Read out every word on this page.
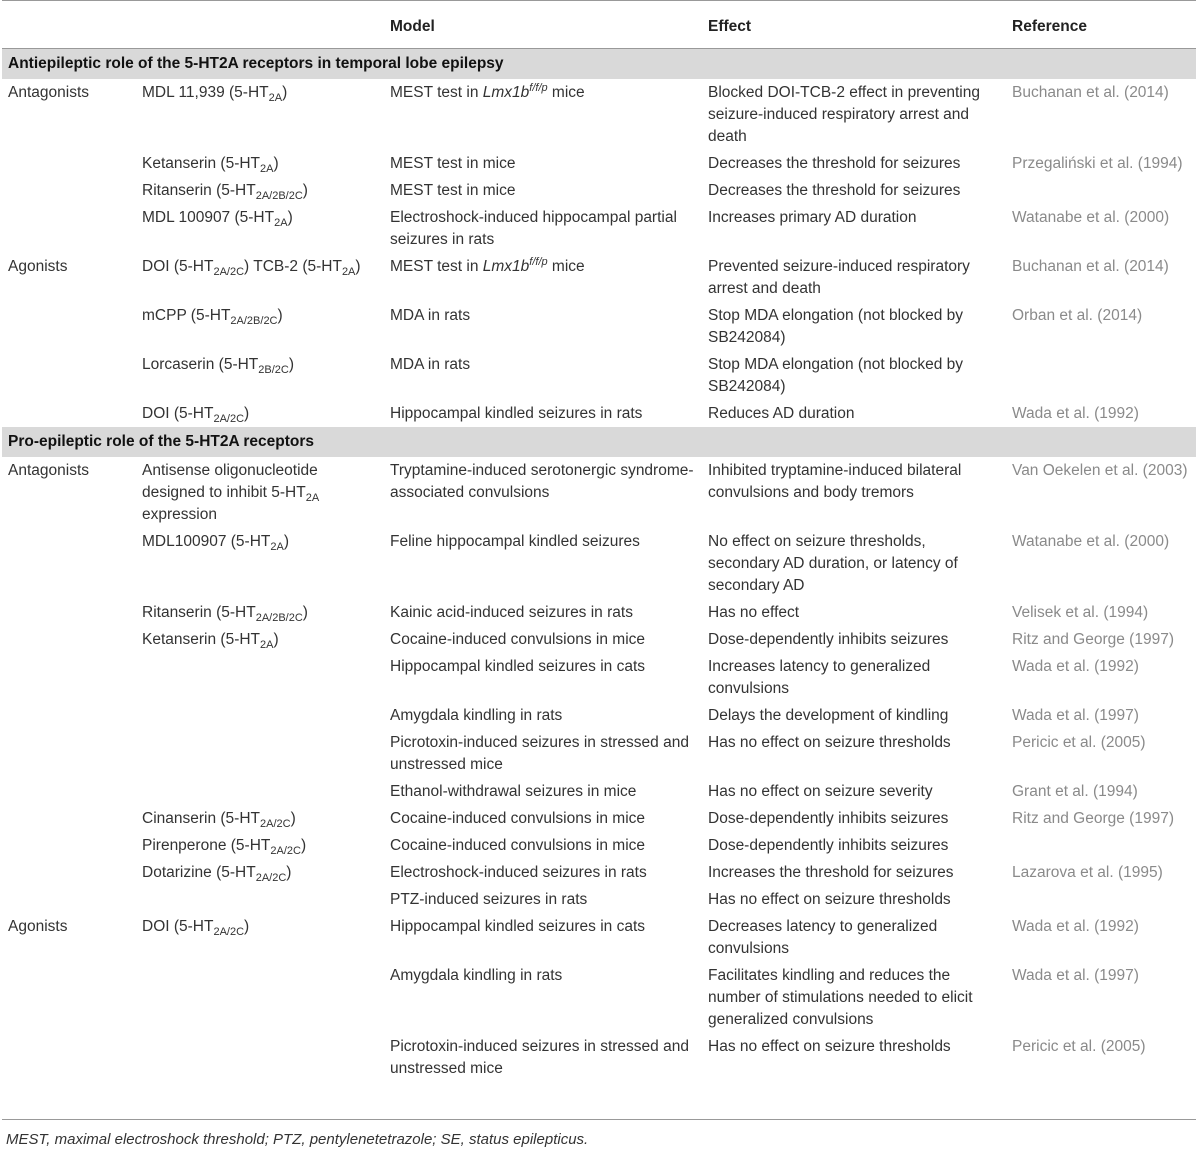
		Model	Effect	Reference
Antiepileptic role of the 5-HT2A receptors in temporal lobe epilepsy				
Antagonists	MDL 11,939 $(5-HT_{2A})$	MEST test in $Lmx1b^{f/f/p}$ mice	Blocked DOI-TCB-2 effect in preventing seizure-induced respiratory arrest and death	Buchanan et al. (2014)
	Ketanserin $(5-HT_{2A})$	MEST test in mice	Decreases the threshold for seizures	Przegaliński et al. (1994)
	Ritanserin $(5-HT_{2A/2B/2C})$	MEST test in mice	Decreases the threshold for seizures	
	MDL 100907 $(5-HT_{2A})$	Electroshock-induced hippocampal partial seizures in rats	Increases primary AD duration	Watanabe et al. (2000)
Agonists	DOI $(5-HT_{2A/2C})$ TCB-2 $(5-HT_{2A})$	MEST test in $Lmx1b^{f/f/p}$ mice	Prevented seizure-induced respiratory arrest and death	Buchanan et al. (2014)
	mCPP $(5-HT_{2A/2B/2C})$	MDA in rats	Stop MDA elongation (not blocked by SB242084)	Orban et al. (2014)
	Lorcaserin $(5-HT_{2B/2C})$	MDA in rats	Stop MDA elongation (not blocked by SB242084)	
	DOI $(5-HT_{2A/2C})$	Hippocampal kindled seizures in rats	Reduces AD duration	Wada et al. (1992)
Pro-epileptic role of the 5-HT2A receptors				
Antagonists	Antisense oligonucleotide designed to inhibit $5-HT_{2A}$ expression	Tryptamine-induced serotonergic syndrome-associated convulsions	Inhibited tryptamine-induced bilateral convulsions and body tremors	Van Oekelen et al. (2003)
	MDL100907 $(5-HT_{2A})$	Feline hippocampal kindled seizures	No effect on seizure thresholds, secondary AD duration, or latency of secondary AD	Watanabe et al. (2000)
	Ritanserin $(5-HT_{2A/2B/2C})$	Kainic acid-induced seizures in rats	Has no effect	Velisek et al. (1994)
	Ketanserin $(5-HT_{2A})$	Cocaine-induced convulsions in mice	Dose-dependently inhibits seizures	Ritz and George (1997)
		Hippocampal kindled seizures in cats	Increases latency to generalized convulsions	Wada et al. (1992)
		Amygdala kindling in rats	Delays the development of kindling	Wada et al. (1997)
		Picrotoxin-induced seizures in stressed and unstressed mice	Has no effect on seizure thresholds	Pericic et al. (2005)
		Ethanol-withdrawal seizures in mice	Has no effect on seizure severity	Grant et al. (1994)
	Cinanserin $(5-HT_{2A/2C})$	Cocaine-induced convulsions in mice	Dose-dependently inhibits seizures	Ritz and George (1997)
	Pirenperone $(5-HT_{2A/2C})$	Cocaine-induced convulsions in mice	Dose-dependently inhibits seizures	
	Dotarizine $(5-HT_{2A/2C})$	Electroshock-induced seizures in rats	Increases the threshold for seizures	Lazarova et al. (1995)
		PTZ-induced seizures in rats	Has no effect on seizure thresholds	
Agonists	DOI $(5-HT_{2A/2C})$	Hippocampal kindled seizures in cats	Decreases latency to generalized convulsions	Wada et al. (1992)
		Amygdala kindling in rats	Facilitates kindling and reduces the number of stimulations needed to elicit generalized convulsions	Wada et al. (1997)
		Picrotoxin-induced seizures in stressed and unstressed mice	Has no effect on seizure thresholds	Pericic et al. (2005)
MEST, maximal electroshock threshold; PTZ, pentylenetetrazole; SE, status epilepticus.
